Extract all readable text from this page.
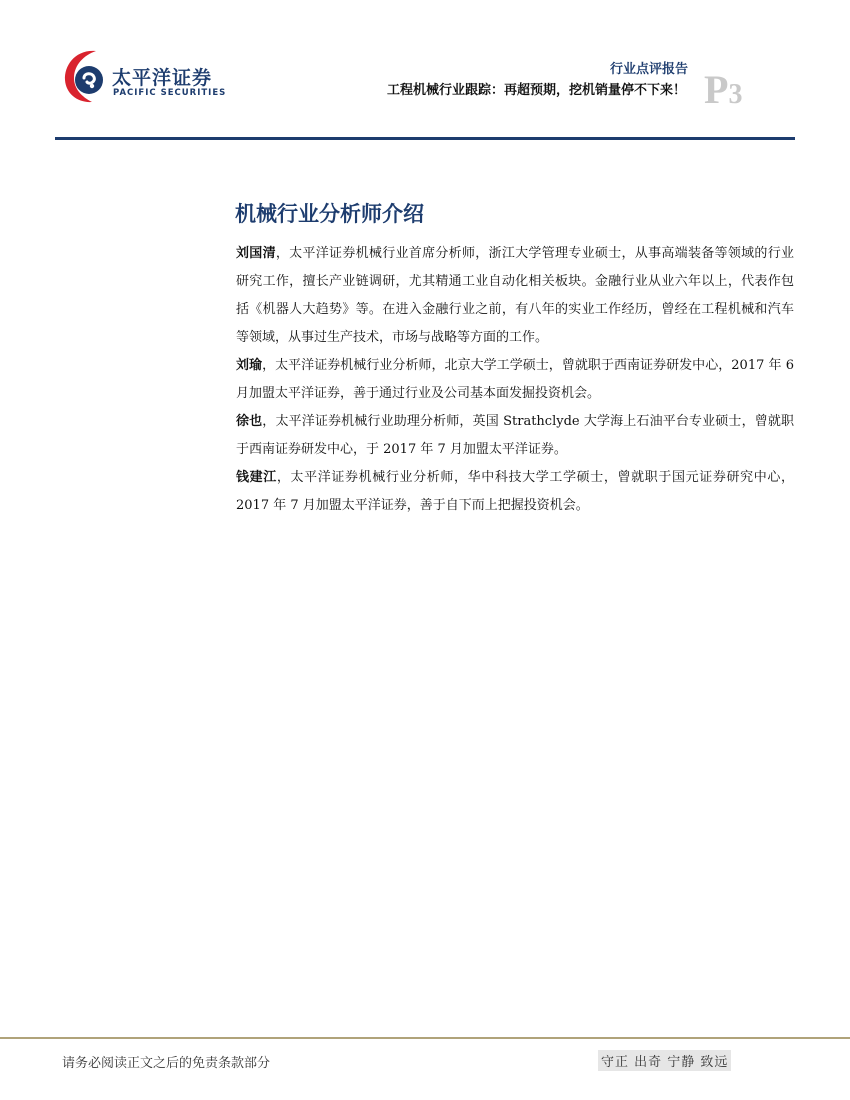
太平洋证券
PACIFIC SECURITIES
行业点评报告
工程机械行业跟踪：再超预期，挖机销量停不下来！ P3
机械行业分析师介绍

刘国清，太平洋证券机械行业首席分析师，浙江大学管理专业硕士，从事高端装备等领域的行业研究工作，擅长产业链调研，尤其精通工业自动化相关板块。金融行业从业六年以上，代表作包括《机器人大趋势》等。在进入金融行业之前，有八年的实业工作经历，曾经在工程机械和汽车等领域，从事过生产技术，市场与战略等方面的工作。

刘瑜，太平洋证券机械行业分析师，北京大学工学硕士，曾就职于西南证券研发中心，2017 年 6 月加盟太平洋证券，善于通过行业及公司基本面发掘投资机会。

徐也，太平洋证券机械行业助理分析师，英国 Strathclyde 大学海上石油平台专业硕士，曾就职于西南证券研发中心，于 2017 年 7 月加盟太平洋证券。

钱建江，太平洋证券机械行业分析师，华中科技大学工学硕士，曾就职于国元证券研究中心，2017 年 7 月加盟太平洋证券，善于自下而上把握投资机会。

请务必阅读正文之后的免责条款部分	守正 出奇 宁静 致远
